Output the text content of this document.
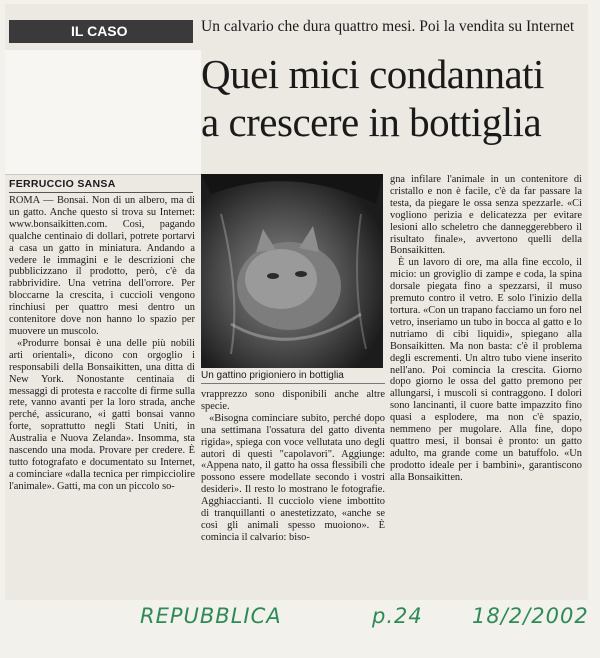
IL CASO	Un calvario che dura quattro mesi. Poi la vendita su Internet
Quei mici condannati
a crescere in bottiglia
FERRUCCIO SANSA

ROMA — Bonsai. Non di un albero, ma di un gatto. Anche questo si trova su Internet: www.bonsaikitten.com. Così, pagando qualche centinaio di dollari, potrete portarvi a casa un gatto in miniatura. Andando a vedere le immagini e le descrizioni che pubblicizzano il prodotto, però, c'è da rabbrividire. Una vetrina dell'orrore. Per bloccarne la crescita, i cuccioli vengono rinchiusi per quattro mesi dentro un contenitore dove non hanno lo spazio per muovere un muscolo.

«Produrre bonsai è una delle più nobili arti orientali», dicono con orgoglio i responsabili della Bonsaikitten, una ditta di New York. Nonostante centinaia di messaggi di protesta e raccolte di firme sulla rete, vanno avanti per la loro strada, anche perché, assicurano, «i gatti bonsai vanno forte, soprattutto negli Stati Uniti, in Australia e Nuova Zelanda». Insomma, sta nascendo una moda. Provare per credere. È tutto fotografato e documentato su Internet, a cominciare «dalla tecnica per rimpicciolire l'animale». Gatti, ma con un piccolo so-

Un gattino prigioniero in bottiglia

vrapprezzo sono disponibili anche altre specie.

«Bisogna cominciare subito, perché dopo una settimana l'ossatura del gatto diventa rigida», spiega con voce vellutata uno degli autori di questi "capolavori". Aggiunge: «Appena nato, il gatto ha ossa flessibili che possono essere modellate secondo i vostri desideri». Il resto lo mostrano le fotografie. Agghiaccianti. Il cucciolo viene imbottito di tranquillanti o anestetizzato, «anche se così gli animali spesso muoiono». È comincia il calvario: biso-

gna infilare l'animale in un contenitore di cristallo e non è facile, c'è da far passare la testa, da piegare le ossa senza spezzarle. «Ci vogliono perizia e delicatezza per evitare lesioni allo scheletro che danneggerebbero il risultato finale», avvertono quelli della Bonsaikitten.

È un lavoro di ore, ma alla fine eccolo, il micio: un groviglio di zampe e coda, la spina dorsale piegata fino a spezzarsi, il muso premuto contro il vetro. E solo l'inizio della tortura. «Con un trapano facciamo un foro nel vetro, inseriamo un tubo in bocca al gatto e lo nutriamo di cibi liquidi», spiegano alla Bonsaikitten. Ma non basta: c'è il problema degli escrementi. Un altro tubo viene inserito nell'ano. Poi comincia la crescita. Giorno dopo giorno le ossa del gatto premono per allungarsi, i muscoli si contraggono. I dolori sono lancinanti, il cuore batte impazzito fino quasi a esplodere, ma non c'è spazio, nemmeno per mugolare. Alla fine, dopo quattro mesi, il bonsai è pronto: un gatto adulto, ma grande come un batuffolo. «Un prodotto ideale per i bambini», garantiscono alla Bonsaikitten.

REPUBBLICA	p.24 18/2/2002
